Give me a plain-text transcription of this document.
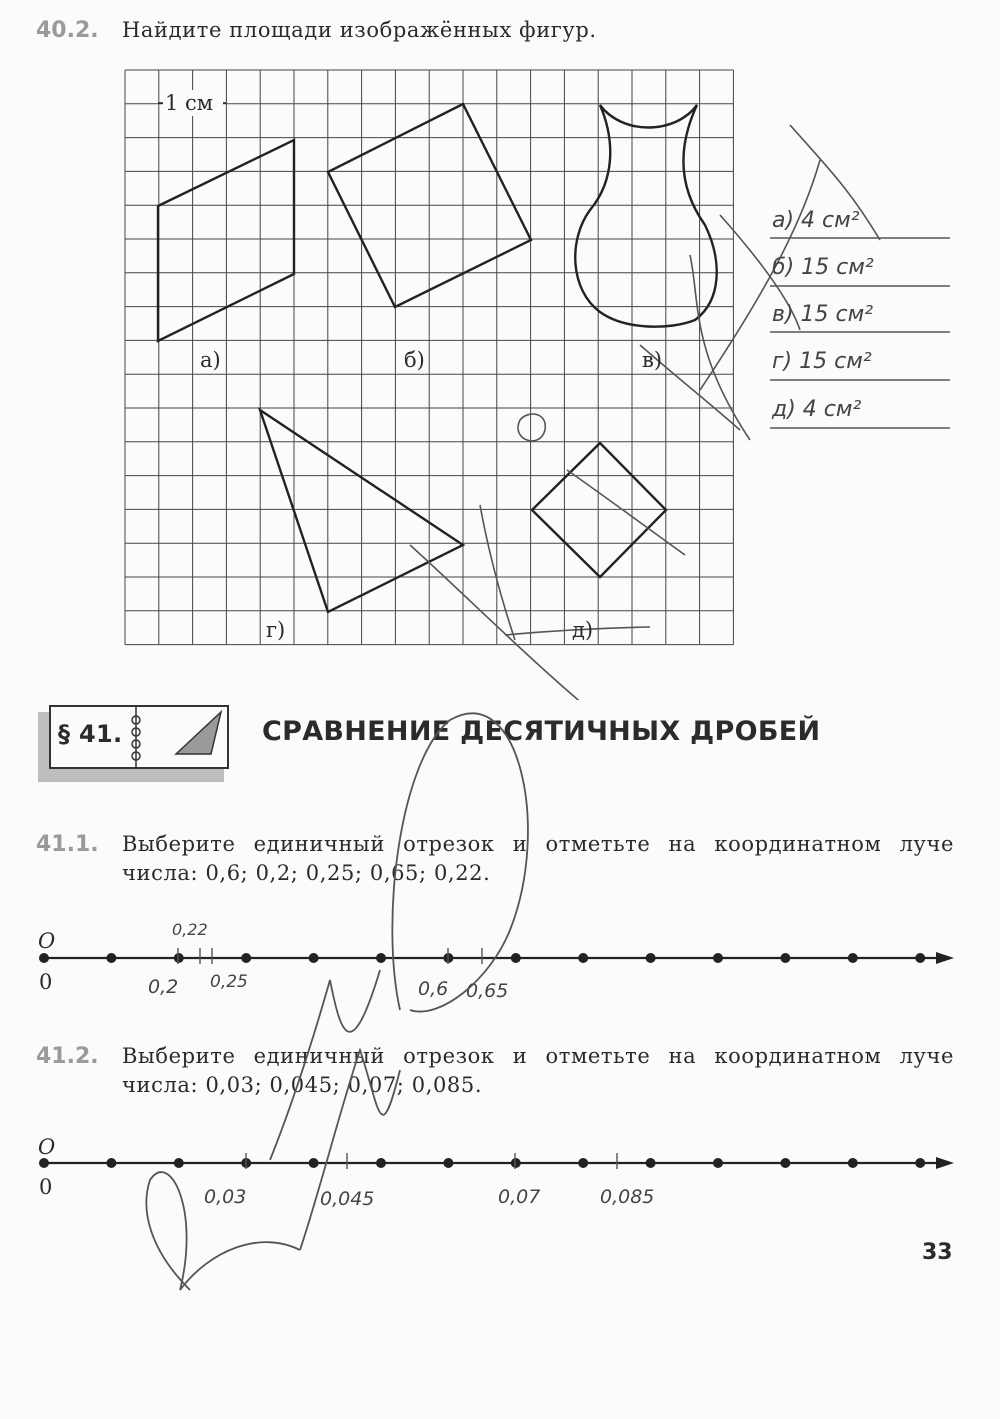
40.2. Найдите площади изображённых фигур.
1 см
а)	б)	в)
г)	д)
а) 4 см²
б) 15 см²
в) 15 см²
г) 15 см²
д) 4 см²
§ 41.	СРАВНЕНИЕ ДЕСЯТИЧНЫХ ДРОБЕЙ
41.1. Выберите единичный отрезок и отметьте на координатном луче
числа: 0,6; 0,2; 0,25; 0,65; 0,22.
O
0	0,2
0,22
0,25	0,6 0,65
41.2. Выберите единичный отрезок и отметьте на координатном луче
числа: 0,03; 0,045; 0,07; 0,085.
O
0	0,03	0,045	0,07	0,085
33
